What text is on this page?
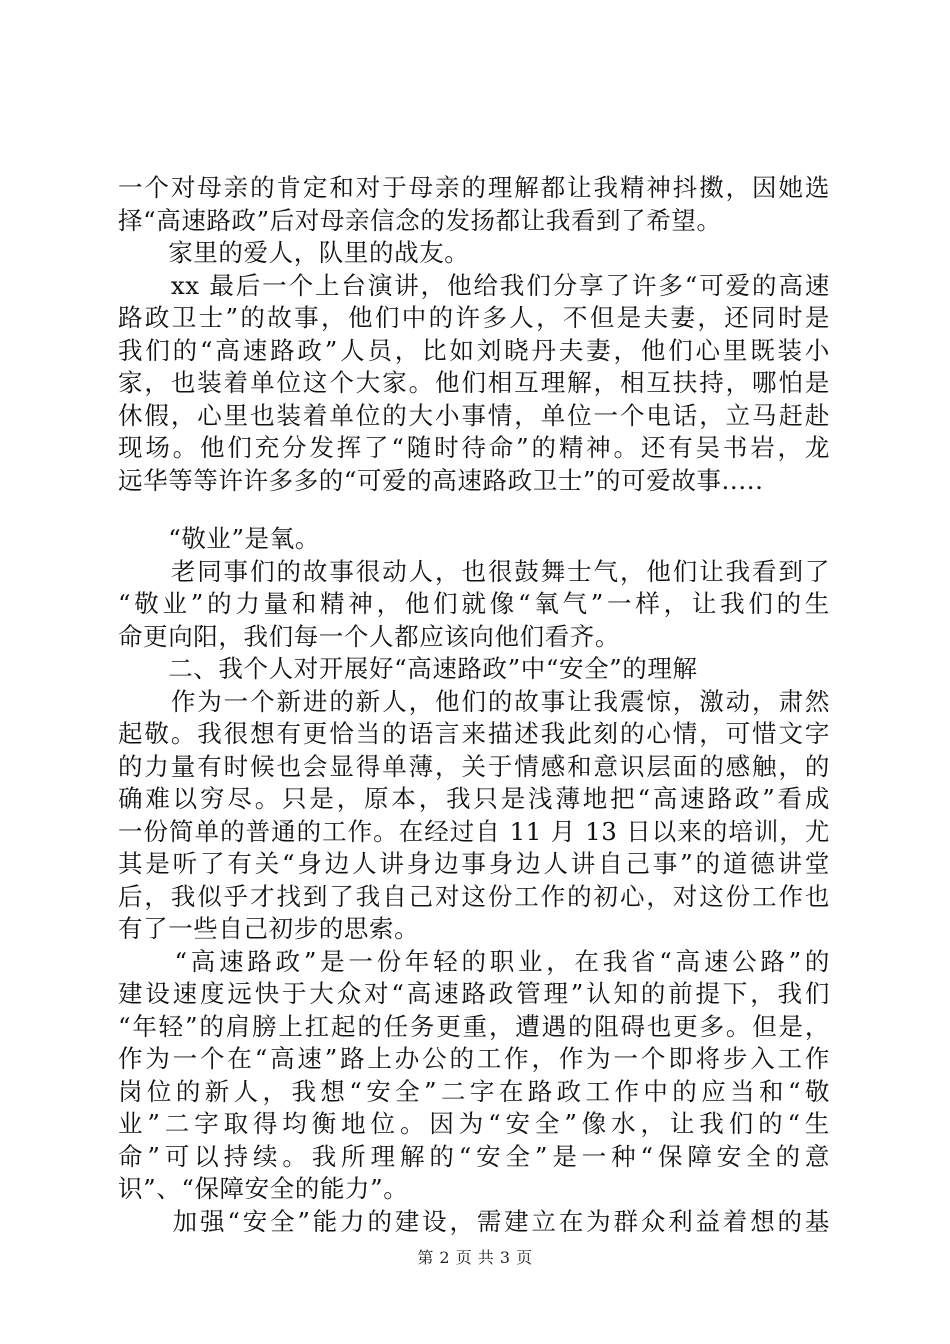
一个对母亲的肯定和对于母亲的理解都让我精神抖擞，因她选
择“高速路政”后对母亲信念的发扬都让我看到了希望。
　　家里的爱人，队里的战友。
　　xx 最后一个上台演讲，他给我们分享了许多“可爱的高速
路政卫士”的故事，他们中的许多人，不但是夫妻，还同时是
我们的“高速路政”人员，比如刘晓丹夫妻，他们心里既装小
家，也装着单位这个大家。他们相互理解，相互扶持，哪怕是
休假，心里也装着单位的大小事情，单位一个电话，立马赶赴
现场。他们充分发挥了“随时待命”的精神。还有吴书岩，龙
远华等等许许多多的“可爱的高速路政卫士”的可爱故事.....
　　“敬业”是氧。
　　老同事们的故事很动人，也很鼓舞士气，他们让我看到了
“敬业”的力量和精神，他们就像“氧气”一样，让我们的生
命更向阳，我们每一个人都应该向他们看齐。
　　二、我个人对开展好“高速路政”中“安全”的理解
　　作为一个新进的新人，他们的故事让我震惊，激动，肃然
起敬。我很想有更恰当的语言来描述我此刻的心情，可惜文字
的力量有时候也会显得单薄，关于情感和意识层面的感触，的
确难以穷尽。只是，原本，我只是浅薄地把“高速路政”看成
一份简单的普通的工作。在经过自 11 月 13 日以来的培训，尤
其是听了有关“身边人讲身边事身边人讲自己事”的道德讲堂
后，我似乎才找到了我自己对这份工作的初心，对这份工作也
有了一些自己初步的思索。
　　“高速路政”是一份年轻的职业，在我省“高速公路”的
建设速度远快于大众对“高速路政管理”认知的前提下，我们
“年轻”的肩膀上扛起的任务更重，遭遇的阻碍也更多。但是，
作为一个在“高速”路上办公的工作，作为一个即将步入工作
岗位的新人，我想“安全”二字在路政工作中的应当和“敬
业”二字取得均衡地位。因为“安全”像水，让我们的“生
命”可以持续。我所理解的“安全”是一种“保障安全的意
识”、“保障安全的能力”。
　　加强“安全”能力的建设，需建立在为群众利益着想的基
第 2 页 共 3 页
